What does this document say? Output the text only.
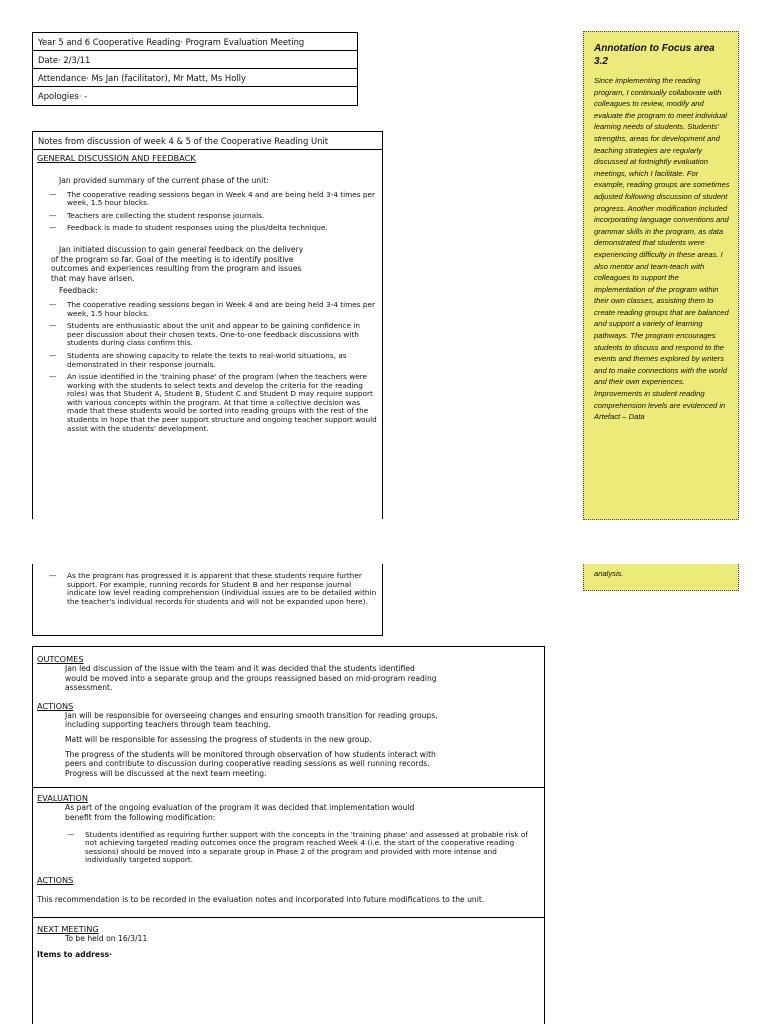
Year 5 and 6 Cooperative Reading· Program Evaluation Meeting
Date· 2/3/11
Attendance· Ms Jan (facilitator), Mr Matt, Ms Holly
Apologies· -
Notes from discussion of week 4 & 5 of the Cooperative Reading Unit
GENERAL DISCUSSION AND FEEDBACK
Jan provided summary of the current phase of the unit:
— The cooperative reading sessions began in Week 4 and are being held 3-4 times per week, 1.5 hour blocks.
— Teachers are collecting the student response journals.
— Feedback is made to student responses using the plus/delta technique.
Jan initiated discussion to gain general feedback on the delivery
of the program so far. Goal of the meeting is to identify positive
outcomes and experiences resulting from the program and issues
that may have arisen.
Feedback:
— The cooperative reading sessions began in Week 4 and are being held 3-4 times per week, 1.5 hour blocks.
— Students are enthusiastic about the unit and appear to be gaining confidence in peer discussion about their chosen texts. One-to-one feedback discussions with students during class confirm this.
— Students are showing capacity to relate the texts to real-world situations, as demonstrated in their response journals.
— An issue identified in the 'training phase' of the program (when the teachers were working with the students to select texts and develop the criteria for the reading roles) was that Student A, Student B, Student C and Student D may require support with various concepts within the program. At that time a collective decision was made that these students would be sorted into reading groups with the rest of the students in hope that the peer support structure and ongoing teacher support would assist with the students' development.
Annotation to Focus area 3.2
Since implementing the reading program, I continually collaborate with colleagues to review, modify and evaluate the program to meet individual learning needs of students. Students' strengths, areas for development and teaching strategies are regularly discussed at fortnightly evaluation meetings, which I facilitate. For example, reading groups are sometimes adjusted following discussion of student progress. Another modification included incorporating language conventions and grammar skills in the program, as data demonstrated that students were experiencing difficulty in these areas. I also mentor and team-teach with colleagues to support the implementation of the program within their own classes, assisting them to create reading groups that are balanced and support a variety of learning pathways. The program encourages students to discuss and respond to the events and themes explored by writers and to make connections with the world and their own experiences. Improvements in student reading comprehension levels are evidenced in Artefact – Data
— As the program has progressed it is apparent that these students require further support. For example, running records for Student B and her response journal indicate low level reading comprehension (individual issues are to be detailed within the teacher's individual records for students and will not be expanded upon here).
analysis.
OUTCOMES
Jan led discussion of the issue with the team and it was decided that the students identified
would be moved into a separate group and the groups reassigned based on mid-program reading
assessment.
ACTIONS
Jan will be responsible for overseeing changes and ensuring smooth transition for reading groups,
including supporting teachers through team teaching.
Matt will be responsible for assessing the progress of students in the new group.
The progress of the students will be monitored through observation of how students interact with
peers and contribute to discussion during cooperative reading sessions as well running records.
Progress will be discussed at the next team meeting.
EVALUATION
As part of the ongoing evaluation of the program it was decided that implementation would
benefit from the following modification:
— Students identified as requiring further support with the concepts in the 'training phase' and assessed at probable risk of not achieving targeted reading outcomes once the program reached Week 4 (i.e. the start of the cooperative reading sessions) should be moved into a separate group in Phase 2 of the program and provided with more intense and individually targeted support.
ACTIONS
This recommendation is to be recorded in the evaluation notes and incorporated into future modifications to the unit.
NEXT MEETING
To be held on 16/3/11
Items to address·
